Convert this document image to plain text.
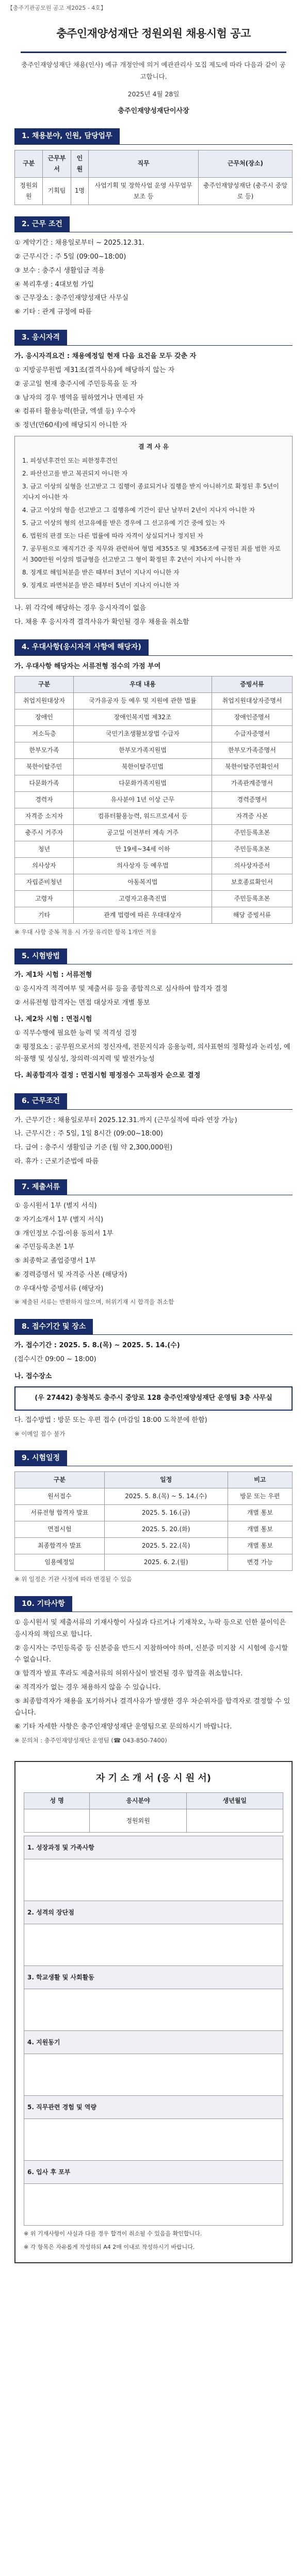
【충주기관공모원 공고 제2025 - 4호】
충주인재양성재단 정원외원 채용시험 공고
충주인재양성재단 채용(인사) 예규 개정안에 의거 예관관리사 모집 제도에 따라 다음과 같이 공고합니다.
2025년 4월 28일
충주인재양성재단이사장
1. 채용분야, 인원, 담당업무
구분	근무부서	인원	직무	근무처(장소)
정원외원	기획팀	1명	사업기획 및 장학사업 운영 사무업무 보조 등	충주인재양성재단 (충주시 중앙로 등)
2. 근무 조건

① 계약기간 : 채용일로부터 ~ 2025.12.31.

② 근무시간 : 주 5일 (09:00~18:00)

③ 보수 : 충주시 생활임금 적용

④ 복리후생 : 4대보험 가입

⑤ 근무장소 : 충주인재양성재단 사무실

⑥ 기타 : 관계 규정에 따름

3. 응시자격

가. 응시자격요건 : 채용예정일 현재 다음 요건을 모두 갖춘 자

① 지방공무원법 제31조(결격사유)에 해당하지 않는 자

② 공고일 현재 충주시에 주민등록을 둔 자

③ 남자의 경우 병역을 필하였거나 면제된 자

④ 컴퓨터 활용능력(한글, 엑셀 등) 우수자

⑤ 정년(만60세)에 해당되지 아니한 자

결 격 사 유

1. 피성년후견인 또는 피한정후견인

2. 파산선고를 받고 복권되지 아니한 자

3. 금고 이상의 실형을 선고받고 그 집행이 종료되거나 집행을 받지 아니하기로 확정된 후 5년이 지나지 아니한 자

4. 금고 이상의 형을 선고받고 그 집행유예 기간이 끝난 날부터 2년이 지나지 아니한 자

5. 금고 이상의 형의 선고유예를 받은 경우에 그 선고유예 기간 중에 있는 자

6. 법원의 판결 또는 다른 법률에 따라 자격이 상실되거나 정지된 자

7. 공무원으로 재직기간 중 직무와 관련하여 형법 제355조 및 제356조에 규정된 죄를 범한 자로서 300만원 이상의 벌금형을 선고받고 그 형이 확정된 후 2년이 지나지 아니한 자

8. 징계로 해임처분을 받은 때부터 3년이 지나지 아니한 자

9. 징계로 파면처분을 받은 때부터 5년이 지나지 아니한 자

나. 위 각각에 해당하는 경우 응시자격이 없음

다. 채용 후 응시자격 결격사유가 확인될 경우 채용을 취소함

4. 우대사항(응시자격 사항에 해당자)

가. 우대사항 해당자는 서류전형 점수의 가점 부여

구분	우대 내용	증빙서류
취업지원대상자	국가유공자 등 예우 및 지원에 관한 법률	취업지원대상자증명서
장애인	장애인복지법 제32조	장애인증명서
저소득층	국민기초생활보장법 수급자	수급자증명서
한부모가족	한부모가족지원법	한부모가족증명서
북한이탈주민	북한이탈주민법	북한이탈주민확인서
다문화가족	다문화가족지원법	가족관계증명서
경력자	유사분야 1년 이상 근무	경력증명서
자격증 소지자	컴퓨터활용능력, 워드프로세서 등	자격증 사본
충주시 거주자	공고일 이전부터 계속 거주	주민등록초본
청년	만 19세~34세 이하	주민등록초본
의사상자	의사상자 등 예우법	의사상자증서
자립준비청년	아동복지법	보호종료확인서
고령자	고령자고용촉진법	주민등록초본
기타	관계 법령에 따른 우대대상자	해당 증빙서류

※ 우대 사항 중복 적용 시 가장 유리한 항목 1개만 적용

5. 시험방법

가. 제1차 시험 : 서류전형

① 응시자격 적격여부 및 제출서류 등을 종합적으로 심사하여 합격자 결정

② 서류전형 합격자는 면접 대상자로 개별 통보

나. 제2차 시험 : 면접시험

① 직무수행에 필요한 능력 및 적격성 검정

② 평정요소 : 공무원으로서의 정신자세, 전문지식과 응용능력, 의사표현의 정확성과 논리성, 예의·품행 및 성실성, 창의력·의지력 및 발전가능성

다. 최종합격자 결정 : 면접시험 평정점수 고득점자 순으로 결정

6. 근무조건

가. 근무기간 : 채용일로부터 2025.12.31.까지 (근무실적에 따라 연장 가능)

나. 근무시간 : 주 5일, 1일 8시간 (09:00~18:00)

다. 급여 : 충주시 생활임금 기준 (월 약 2,300,000원)

라. 휴가 : 근로기준법에 따름

7. 제출서류

① 응시원서 1부 (별지 서식)

② 자기소개서 1부 (별지 서식)

③ 개인정보 수집·이용 동의서 1부

④ 주민등록초본 1부

⑤ 최종학교 졸업증명서 1부

⑥ 경력증명서 및 자격증 사본 (해당자)

⑦ 우대사항 증빙서류 (해당자)

※ 제출된 서류는 반환하지 않으며, 허위기재 시 합격을 취소함

8. 접수기간 및 장소

가. 접수기간 : 2025. 5. 8.(목) ~ 2025. 5. 14.(수)

(접수시간 09:00 ~ 18:00)

나. 접수장소

(우 27442) 충청북도 충주시 중앙로 128 충주인재양성재단 운영팀 3층 사무실

다. 접수방법 : 방문 또는 우편 접수 (마감일 18:00 도착분에 한함)

※ 이메일 접수 불가

9. 시험일정
구분	일정	비고
원서접수	2025. 5. 8.(목) ~ 5. 14.(수)	방문 또는 우편
서류전형 합격자 발표	2025. 5. 16.(금)	개별 통보
면접시험	2025. 5. 20.(화)	개별 통보
최종합격자 발표	2025. 5. 22.(목)	개별 통보
임용예정일	2025. 6. 2.(월)	변경 가능

※ 위 일정은 기관 사정에 따라 변경될 수 있음

10. 기타사항

① 응시원서 및 제출서류의 기재사항이 사실과 다르거나 기재착오, 누락 등으로 인한 불이익은 응시자의 책임으로 합니다.

② 응시자는 주민등록증 등 신분증을 반드시 지참하여야 하며, 신분증 미지참 시 시험에 응시할 수 없습니다.

③ 합격자 발표 후라도 제출서류의 허위사실이 발견될 경우 합격을 취소합니다.

④ 적격자가 없는 경우 채용하지 않을 수 있습니다.

⑤ 최종합격자가 채용을 포기하거나 결격사유가 발생한 경우 차순위자를 합격자로 결정할 수 있습니다.

⑥ 기타 자세한 사항은 충주인재양성재단 운영팀으로 문의하시기 바랍니다.

※ 문의처 : 충주인재양성재단 운영팀 (☎ 043-850-7400)

자 기 소 개 서 (응 시 원 서)
성 명	응시분야	생년월일
	정원외원	
1. 성장과정 및 가족사항

2. 성격의 장단점

3. 학교생활 및 사회활동

4. 지원동기

5. 직무관련 경험 및 역량

6. 입사 후 포부

※ 위 기재사항이 사실과 다를 경우 합격이 취소될 수 있음을 확인합니다.

※ 각 항목은 자유롭게 작성하되 A4 2매 이내로 작성하시기 바랍니다.
